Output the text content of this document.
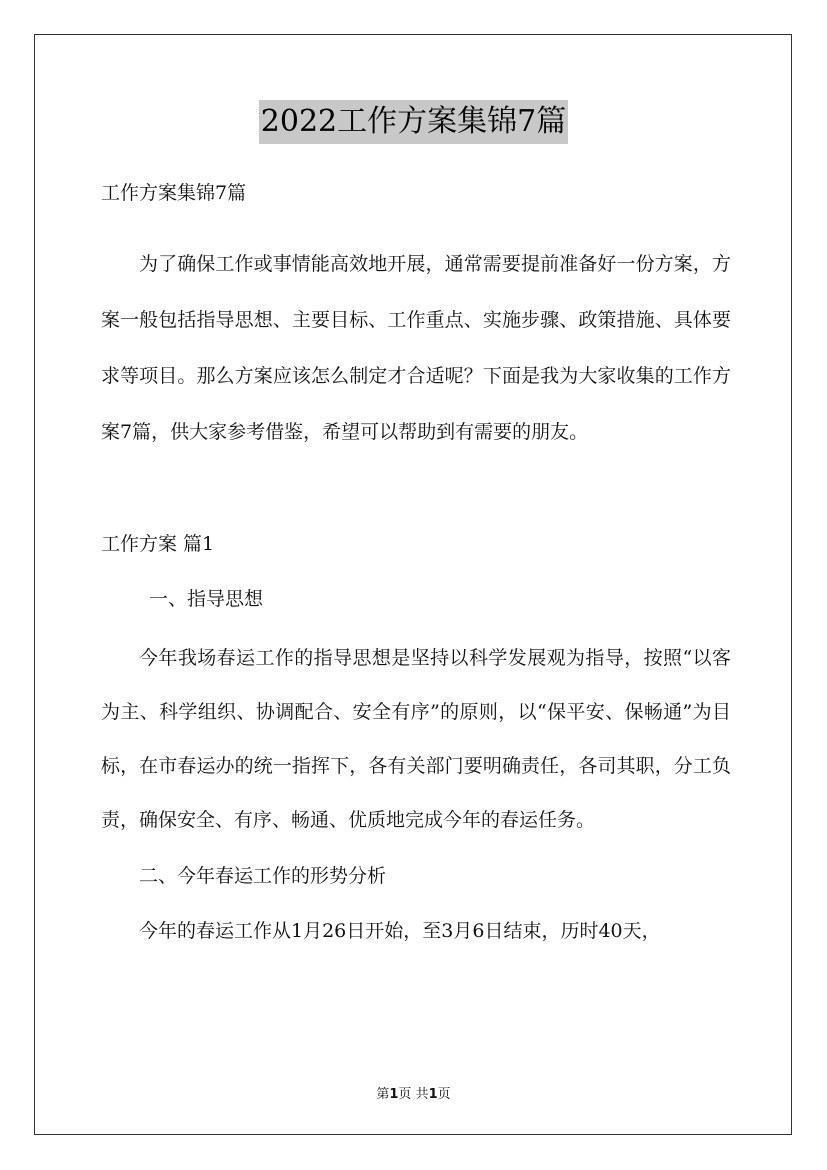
2022工作方案集锦7篇

工作方案集锦7篇

为了确保工作或事情能高效地开展，通常需要提前准备好一份方案，方案一般包括指导思想、主要目标、工作重点、实施步骤、政策措施、具体要求等项目。那么方案应该怎么制定才合适呢？下面是我为大家收集的工作方案7篇，供大家参考借鉴，希望可以帮助到有需要的朋友。

工作方案 篇1

一、指导思想

今年我场春运工作的指导思想是坚持以科学发展观为指导，按照“以客为主、科学组织、协调配合、安全有序”的原则，以“保平安、保畅通”为目标，在市春运办的统一指挥下，各有关部门要明确责任，各司其职，分工负责，确保安全、有序、畅通、优质地完成今年的春运任务。

二、今年春运工作的形势分析

今年的春运工作从1月26日开始，至3月6日结束，历时40天，

第1页 共1页
